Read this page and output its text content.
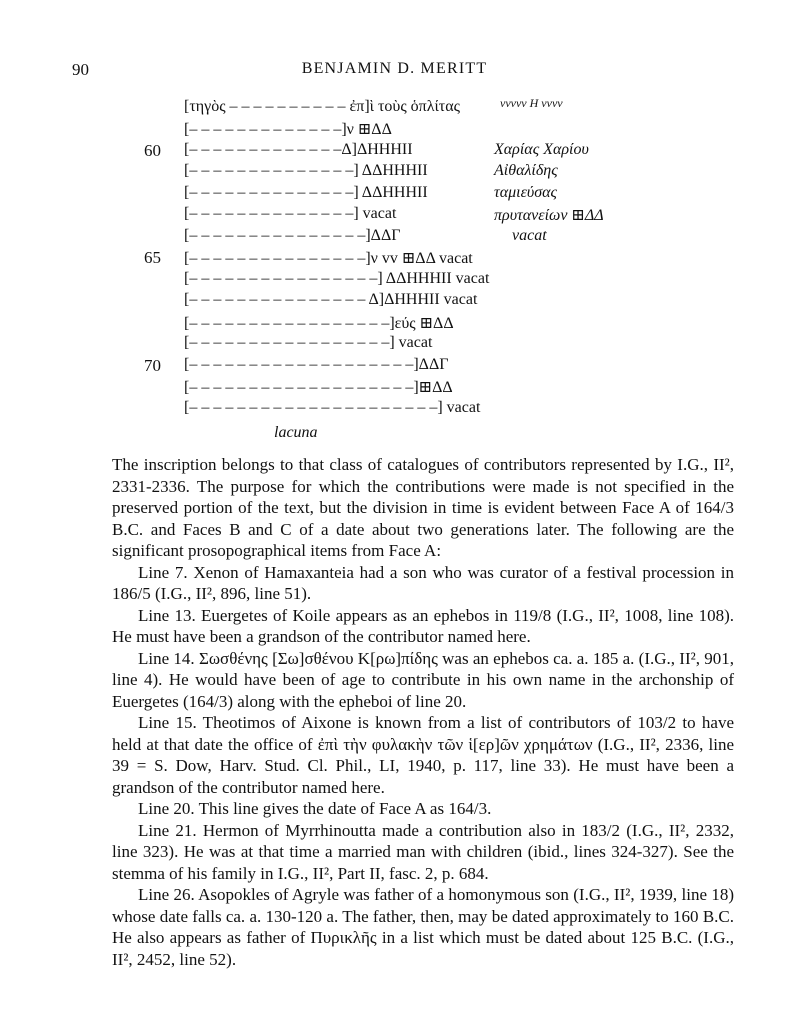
90	BENJAMIN D. MERITT
[τηγὸς – – – – – – – – – – ἐπ]ὶ τοὺς ὁπλίτας	vvvvv Η vvvv
[– – – – – – – – – – – – –]ν ⊞ΔΔ
60	[– – – – – – – – – – – – –Δ]ΔΗΗΗΙΙ	Χαρίας Χαρίου
[– – – – – – – – – – – – – –] ΔΔΗΗΗΙΙ	Αἰθαλίδης
[– – – – – – – – – – – – – –] ΔΔΗΗΗΙΙ	ταμιεύσας
[– – – – – – – – – – – – – –] vacat	πρυτανείων ⊞ΔΔ
[– – – – – – – – – – – – – – –]ΔΔΓ	vacat
65	[– – – – – – – – – – – – – – –]ν vv ⊞ΔΔ vacat
[– – – – – – – – – – – – – – – –] ΔΔΗΗΗΙΙ vacat
[– – – – – – – – – – – – – – – Δ]ΔΗΗΗΙΙ vacat
[– – – – – – – – – – – – – – – – –]εύς ⊞ΔΔ
[– – – – – – – – – – – – – – – – –] vacat
70	[– – – – – – – – – – – – – – – – – – –]ΔΔΓ
[– – – – – – – – – – – – – – – – – – –]⊞ΔΔ
[– – – – – – – – – – – – – – – – – – – – –] vacat
lacuna

The inscription belongs to that class of catalogues of contributors represented by I.G., II², 2331-2336. The purpose for which the contributions were made is not specified in the preserved portion of the text, but the division in time is evident between Face A of 164/3 B.C. and Faces B and C of a date about two generations later. The following are the significant prosopographical items from Face A:

Line 7. Xenon of Hamaxanteia had a son who was curator of a festival procession in 186/5 (I.G., II², 896, line 51).

Line 13. Euergetes of Koile appears as an ephebos in 119/8 (I.G., II², 1008, line 108). He must have been a grandson of the contributor named here.

Line 14. Σωσθένης [Σω]σθένου Κ[ρω]πίδης was an ephebos ca. a. 185 a. (I.G., II², 901, line 4). He would have been of age to contribute in his own name in the archonship of Euergetes (164/3) along with the epheboi of line 20.

Line 15. Theotimos of Aixone is known from a list of contributors of 103/2 to have held at that date the office of ἐπὶ τὴν φυλακὴν τῶν ἱ[ερ]ῶν χρημάτων (I.G., II², 2336, line 39 = S. Dow, Harv. Stud. Cl. Phil., LI, 1940, p. 117, line 33). He must have been a grandson of the contributor named here.

Line 20. This line gives the date of Face A as 164/3.

Line 21. Hermon of Myrrhinoutta made a contribution also in 183/2 (I.G., II², 2332, line 323). He was at that time a married man with children (ibid., lines 324-327). See the stemma of his family in I.G., II², Part II, fasc. 2, p. 684.

Line 26. Asopokles of Agryle was father of a homonymous son (I.G., II², 1939, line 18) whose date falls ca. a. 130-120 a. The father, then, may be dated approximately to 160 B.C. He also appears as father of Πυρικλῆς in a list which must be dated about 125 B.C. (I.G., II², 2452, line 52).
